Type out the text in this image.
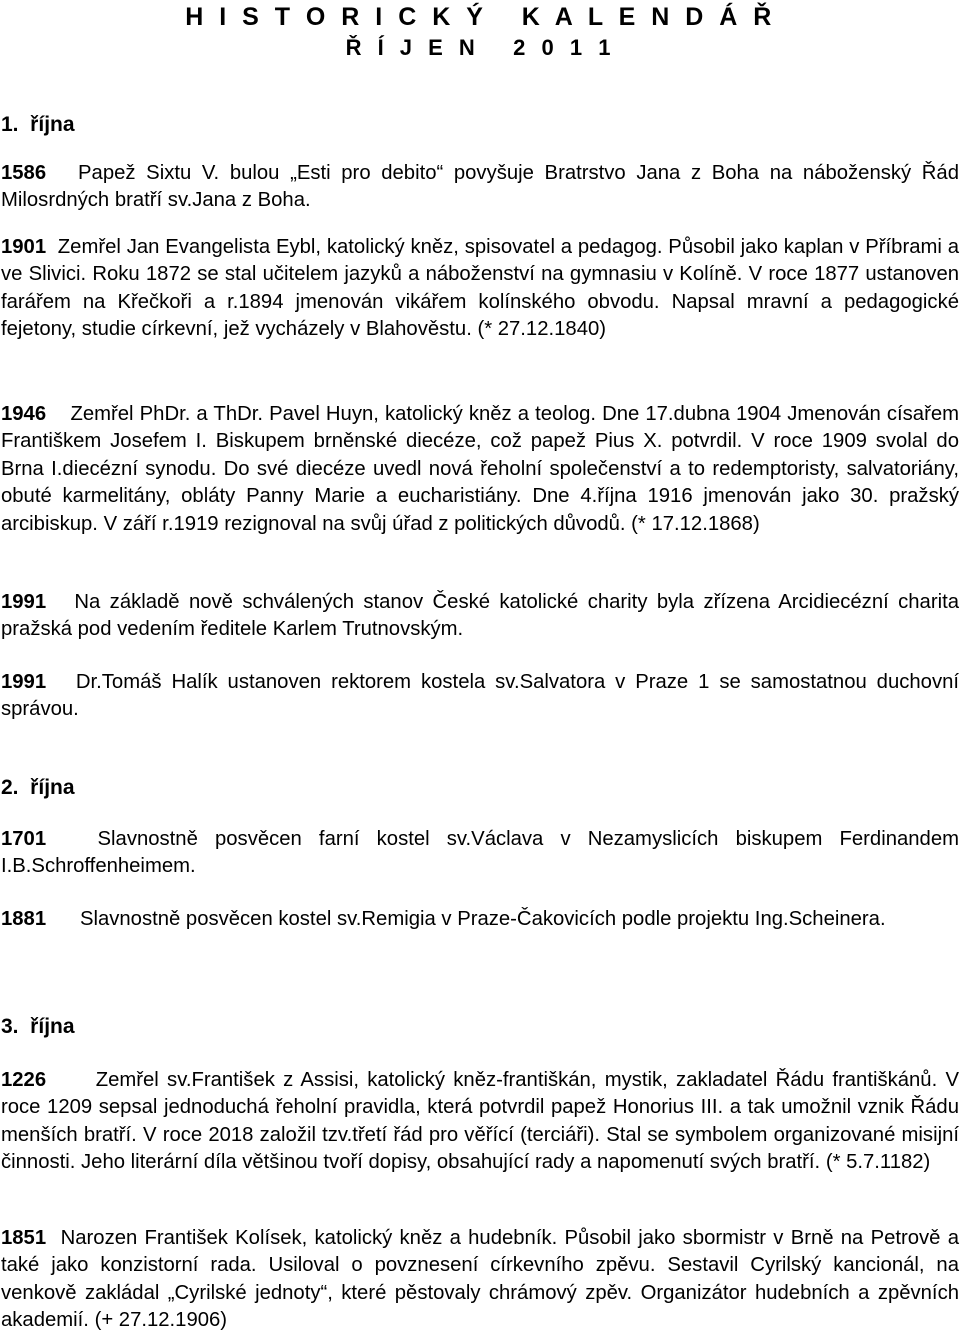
H I S T O R I C K Ý   K A L E N D Á Ř
Ř Í J E N   2 0 1 1
1.  října

1586 Papež Sixtu V. bulou „Esti pro debito“ povyšuje Bratrstvo Jana z Boha na náboženský Řád Milosrdných bratří sv.Jana z Boha.

1901 Zemřel Jan Evangelista Eybl, katolický kněz, spisovatel a pedagog. Působil jako kaplan v Příbrami a ve Slivici. Roku 1872 se stal učitelem jazyků a náboženství na gymnasiu v Kolíně. V roce 1877 ustanoven farářem na Křečkoři a r.1894 jmenován vikářem kolínského obvodu. Napsal mravní a pedagogické fejetony, studie církevní, jež vycházely v Blahověstu. (* 27.12.1840)

1946 Zemřel PhDr. a ThDr. Pavel Huyn, katolický kněz a teolog. Dne 17.dubna 1904 Jmenován císařem Františkem Josefem I. Biskupem brněnské diecéze, což papež Pius X. potvrdil. V roce 1909 svolal do Brna I.diecézní synodu. Do své diecéze uvedl nová řeholní společenství a to redemptoristy, salvatoriány, obuté karmelitány, obláty Panny Marie a eucharistiány. Dne 4.října 1916 jmenován jako 30. pražský arcibiskup. V září r.1919 rezignoval na svůj úřad z politických důvodů. (* 17.12.1868)

1991 Na základě nově schválených stanov České katolické charity byla zřízena Arcidiecézní charita pražská pod vedením ředitele Karlem Trutnovským.

1991 Dr.Tomáš Halík ustanoven rektorem kostela sv.Salvatora v Praze 1 se samostatnou duchovní správou.

2.  října

1701	Slavnostně posvěcen farní kostel sv.Václava v Nezamyslicích biskupem Ferdinandem I.B.Schroffenheimem.

1881 Slavnostně posvěcen kostel sv.Remigia v Praze-Čakovicích podle projektu Ing.Scheinera.

3.  října

1226 Zemřel sv.František z Assisi, katolický kněz-františkán, mystik, zakladatel Řádu františkánů. V roce 1209 sepsal jednoduchá řeholní pravidla, která potvrdil papež Honorius III. a tak umožnil vznik Řádu menších bratří. V roce 2018 založil tzv.třetí řád pro věřící (terciáři). Stal se symbolem organizované misijní činnosti. Jeho literární díla většinou tvoří dopisy, obsahující rady a napomenutí svých bratří. (* 5.7.1182)

1851 Narozen František Kolísek, katolický kněz a hudebník. Působil jako sbormistr v Brně na Petrově a také jako konzistorní rada. Usiloval o povznesení církevního zpěvu. Sestavil Cyrilský kancionál, na venkově zakládal „Cyrilské jednoty“, které pěstovaly chrámový zpěv. Organizátor hudebních a zpěvních akademií. (+ 27.12.1906)
